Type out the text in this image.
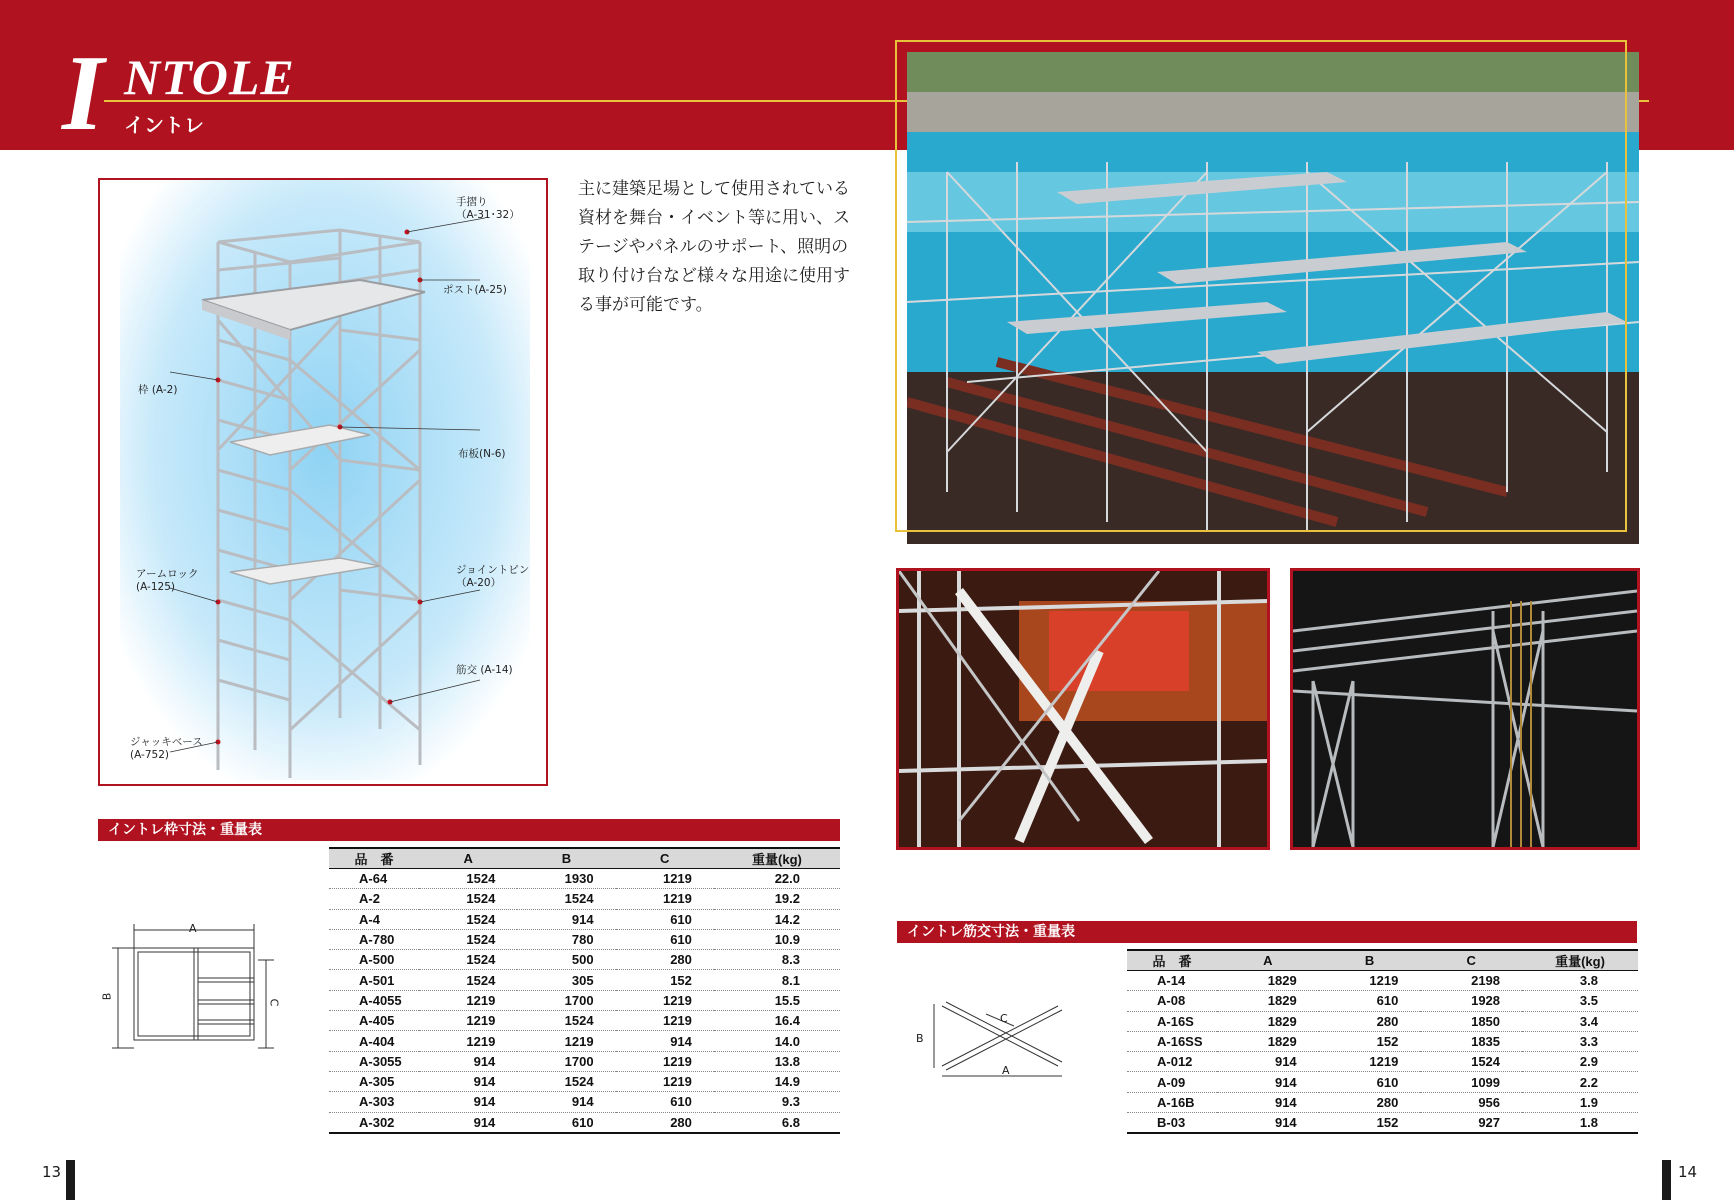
I NTOLE
イントレ
手摺り
（A-31･32）
ポスト(A-25)
枠 (A-2)
布板(N-6)
アームロック
(A-125)
ジョイントピン
（A-20）
筋交 (A-14)
ジャッキベース
(A-752)

主に建築足場として使用されている資材を舞台・イベント等に用い、ステージやパネルのサポート、照明の取り付け台など様々な用途に使用する事が可能です。

イントレ枠寸法・重量表
A
B
C
品　番	A	B	C	重量(kg)
A-64	1524	1930	1219	22.0
A-2	1524	1524	1219	19.2
A-4	1524	914	610	14.2
A-780	1524	780	610	10.9
A-500	1524	500	280	8.3
A-501	1524	305	152	8.1
A-4055	1219	1700	1219	15.5
A-405	1219	1524	1219	16.4
A-404	1219	1219	914	14.0
A-3055	914	1700	1219	13.8
A-305	914	1524	1219	14.9
A-303	914	914	610	9.3
A-302	914	610	280	6.8
イントレ筋交寸法・重量表
C
B
A
品　番	A	B	C	重量(kg)
A-14	1829	1219	2198	3.8
A-08	1829	610	1928	3.5
A-16S	1829	280	1850	3.4
A-16SS	1829	152	1835	3.3
A-012	914	1219	1524	2.9
A-09	914	610	1099	2.2
A-16B	914	280	956	1.9
B-03	914	152	927	1.8
13	14
